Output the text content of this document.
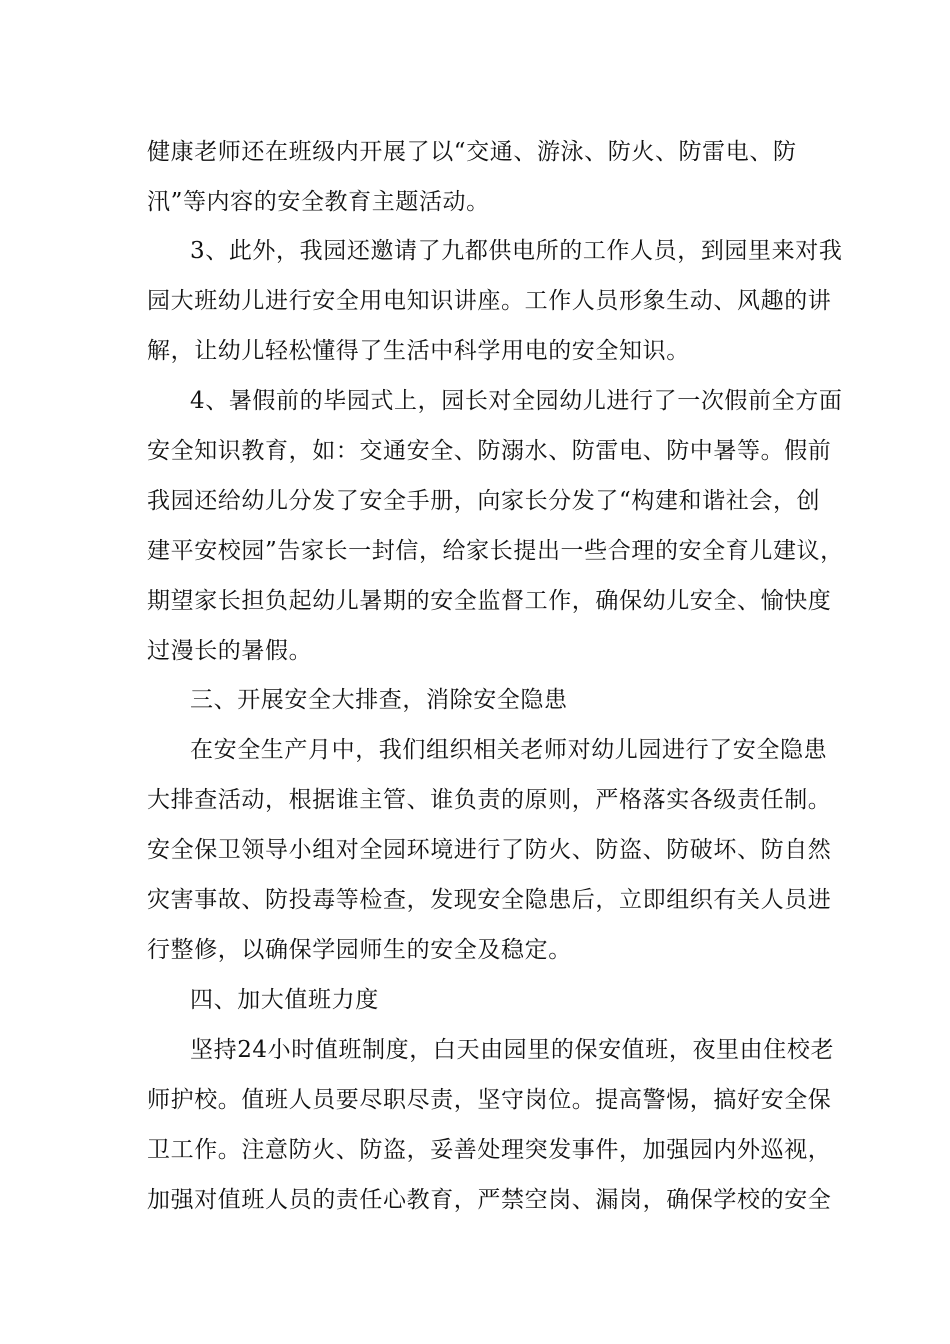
健康老师还在班级内开展了以“交通、游泳、防火、防雷电、防
汛”等内容的安全教育主题活动。
3、此外，我园还邀请了九都供电所的工作人员，到园里来对我
园大班幼儿进行安全用电知识讲座。工作人员形象生动、风趣的讲
解，让幼儿轻松懂得了生活中科学用电的安全知识。
4、暑假前的毕园式上，园长对全园幼儿进行了一次假前全方面
安全知识教育，如：交通安全、防溺水、防雷电、防中暑等。假前
我园还给幼儿分发了安全手册，向家长分发了“构建和谐社会，创
建平安校园”告家长一封信，给家长提出一些合理的安全育儿建议，
期望家长担负起幼儿暑期的安全监督工作，确保幼儿安全、愉快度
过漫长的暑假。
三、开展安全大排查，消除安全隐患
在安全生产月中，我们组织相关老师对幼儿园进行了安全隐患
大排查活动，根据谁主管、谁负责的原则，严格落实各级责任制。
安全保卫领导小组对全园环境进行了防火、防盗、防破坏、防自然
灾害事故、防投毒等检查，发现安全隐患后，立即组织有关人员进
行整修，以确保学园师生的安全及稳定。
四、加大值班力度
坚持24小时值班制度，白天由园里的保安值班，夜里由住校老
师护校。值班人员要尽职尽责，坚守岗位。提高警惕，搞好安全保
卫工作。注意防火、防盗，妥善处理突发事件，加强园内外巡视，
加强对值班人员的责任心教育，严禁空岗、漏岗，确保学校的安全
